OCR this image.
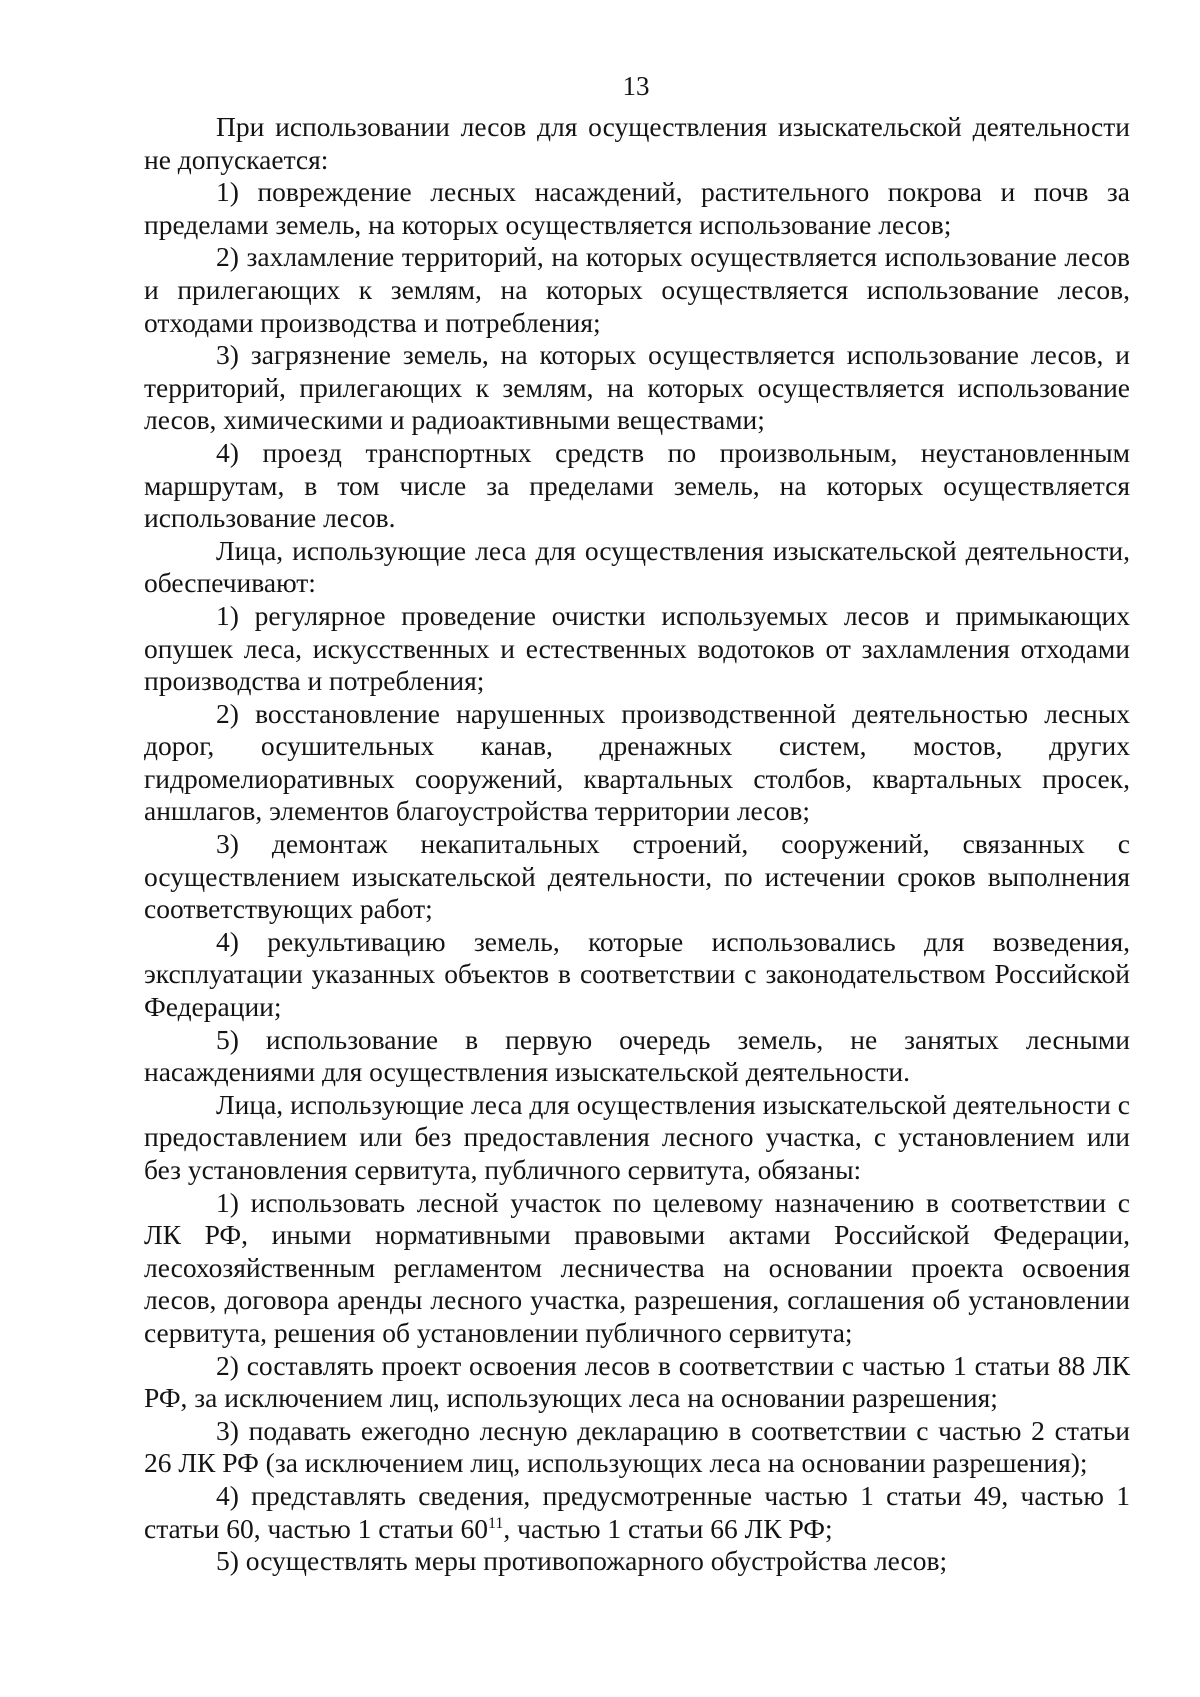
13

При использовании лесов для осуществления изыскательской деятельности не допускается:

1) повреждение лесных насаждений, растительного покрова и почв за пределами земель, на которых осуществляется использование лесов;

2) захламление территорий, на которых осуществляется использование лесов и прилегающих к землям, на которых осуществляется использование лесов, отходами производства и потребления;

3) загрязнение земель, на которых осуществляется использование лесов, и территорий, прилегающих к землям, на которых осуществляется использование лесов, химическими и радиоактивными веществами;

4) проезд транспортных средств по произвольным, неустановленным маршрутам, в том числе за пределами земель, на которых осуществляется использование лесов.

Лица, использующие леса для осуществления изыскательской деятельности, обеспечивают:

1) регулярное проведение очистки используемых лесов и примыкающих опушек леса, искусственных и естественных водотоков от захламления отходами производства и потребления;

2) восстановление нарушенных производственной деятельностью лесных дорог, осушительных канав, дренажных систем, мостов, других гидромелиоративных сооружений, квартальных столбов, квартальных просек, аншлагов, элементов благоустройства территории лесов;

3) демонтаж некапитальных строений, сооружений, связанных с осуществлением изыскательской деятельности, по истечении сроков выполнения соответствующих работ;

4) рекультивацию земель, которые использовались для возведения, эксплуатации указанных объектов в соответствии с законодательством Российской Федерации;

5) использование в первую очередь земель, не занятых лесными насаждениями для осуществления изыскательской деятельности.

Лица, использующие леса для осуществления изыскательской деятельности с предоставлением или без предоставления лесного участка, с установлением или без установления сервитута, публичного сервитута, обязаны:

1) использовать лесной участок по целевому назначению в соответствии с ЛК РФ, иными нормативными правовыми актами Российской Федерации, лесохозяйственным регламентом лесничества на основании проекта освоения лесов, договора аренды лесного участка, разрешения, соглашения об установлении сервитута, решения об установлении публичного сервитута;

2) составлять проект освоения лесов в соответствии с частью 1 статьи 88 ЛК РФ, за исключением лиц, использующих леса на основании разрешения;

3) подавать ежегодно лесную декларацию в соответствии с частью 2 статьи 26 ЛК РФ (за исключением лиц, использующих леса на основании разрешения);

4) представлять сведения, предусмотренные частью 1 статьи 49, частью 1 статьи 60, частью 1 статьи $60^{11}$, частью 1 статьи 66 ЛК РФ;

5) осуществлять меры противопожарного обустройства лесов;
